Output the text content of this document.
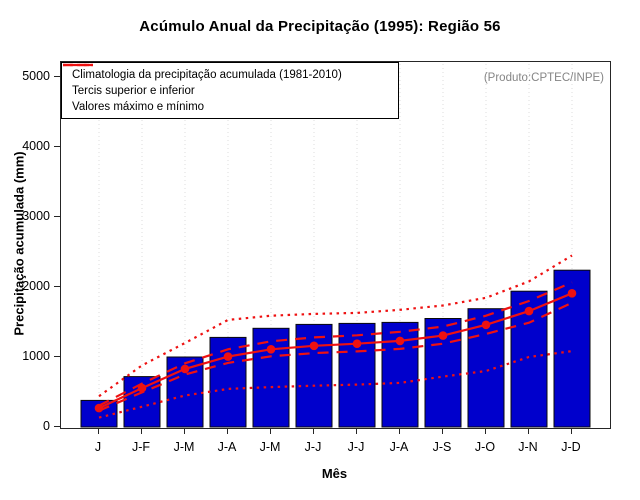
Acúmulo Anual da Precipitação (1995): Região 56
Precipitação acumulada (mm)
(Produto:CPTEC/INPE)
Climatologia da precipitação acumulada (1981-2010)
Tercis superior e inferior
Valores máximo e mínimo
0
1000
2000
3000
4000
5000
J	J-F	J-M	J-A	J-M	J-J	J-J	J-A	J-S	J-O	J-N	J-D
Mês
